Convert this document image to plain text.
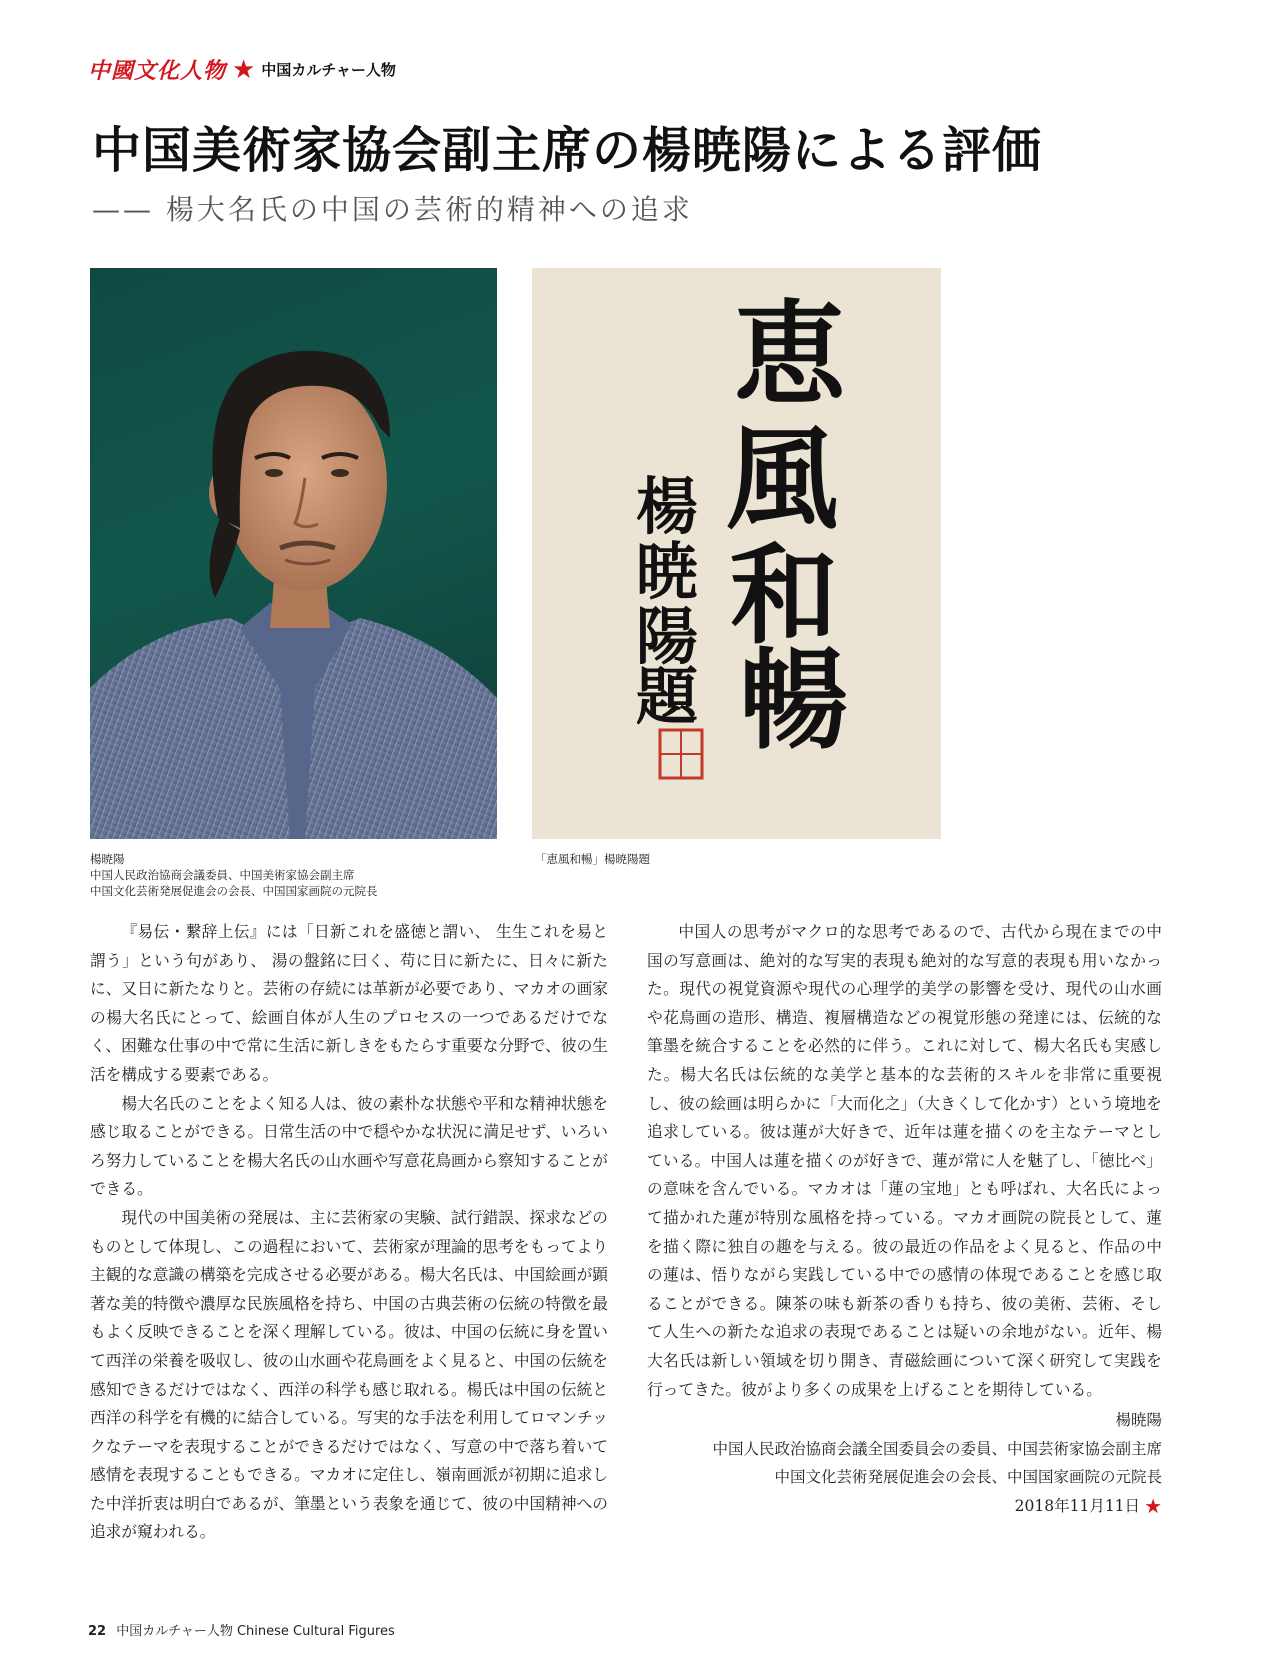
中國文化人物 ★ 中国カルチャー人物
中国美術家協会副主席の楊暁陽による評価
—— 楊大名氏の中国の芸術的精神への追求
恵
風
和
暢
楊
暁
陽
題
楊暁陽
中国人民政治協商会議委員、中国美術家協会副主席
中国文化芸術発展促進会の会長、中国国家画院の元院長
「恵風和暢」楊暁陽題

『易伝・繋辞上伝』には「日新これを盛徳と謂い、 生生これを易と謂う」という句があり、 湯の盤銘に曰く、苟に日に新たに、日々に新たに、又日に新たなりと。芸術の存続には革新が必要であり、マカオの画家の楊大名氏にとって、絵画自体が人生のプロセスの一つであるだけでなく、困難な仕事の中で常に生活に新しきをもたらす重要な分野で、彼の生活を構成する要素である。

楊大名氏のことをよく知る人は、彼の素朴な状態や平和な精神状態を感じ取ることができる。日常生活の中で穏やかな状況に満足せず、いろいろ努力していることを楊大名氏の山水画や写意花鳥画から察知することができる。

現代の中国美術の発展は、主に芸術家の実験、試行錯誤、探求などのものとして体現し、この過程において、芸術家が理論的思考をもってより主観的な意識の構築を完成させる必要がある。楊大名氏は、中国絵画が顕著な美的特徴や濃厚な民族風格を持ち、中国の古典芸術の伝統の特徴を最もよく反映できることを深く理解している。彼は、中国の伝統に身を置いて西洋の栄養を吸収し、彼の山水画や花鳥画をよく見ると、中国の伝統を感知できるだけではなく、西洋の科学も感じ取れる。楊氏は中国の伝統と西洋の科学を有機的に結合している。写実的な手法を利用してロマンチックなテーマを表現することができるだけではなく、写意の中で落ち着いて感情を表現することもできる。マカオに定住し、嶺南画派が初期に追求した中洋折衷は明白であるが、筆墨という表象を通じて、彼の中国精神への追求が窺われる。

中国人の思考がマクロ的な思考であるので、古代から現在までの中国の写意画は、絶対的な写実的表現も絶対的な写意的表現も用いなかった。現代の視覚資源や現代の心理学的美学の影響を受け、現代の山水画や花鳥画の造形、構造、複層構造などの視覚形態の発達には、伝統的な筆墨を統合することを必然的に伴う。これに対して、楊大名氏も実感した。楊大名氏は伝統的な美学と基本的な芸術的スキルを非常に重要視し、彼の絵画は明らかに「大而化之」（大きくして化かす）という境地を追求している。彼は蓮が大好きで、近年は蓮を描くのを主なテーマとしている。中国人は蓮を描くのが好きで、蓮が常に人を魅了し、「徳比べ」の意味を含んでいる。マカオは「蓮の宝地」とも呼ばれ、大名氏によって描かれた蓮が特別な風格を持っている。マカオ画院の院長として、蓮を描く際に独自の趣を与える。彼の最近の作品をよく見ると、作品の中の蓮は、悟りながら実践している中での感情の体現であることを感じ取ることができる。陳茶の味も新茶の香りも持ち、彼の美術、芸術、そして人生への新たな追求の表現であることは疑いの余地がない。近年、楊大名氏は新しい領域を切り開き、青磁絵画について深く研究して実践を行ってきた。彼がより多くの成果を上げることを期待している。

楊暁陽
中国人民政治協商会議全国委員会の委員、中国芸術家協会副主席
中国文化芸術発展促進会の会長、中国国家画院の元院長
2018年11月11日 ★
22 中国カルチャー人物 Chinese Cultural Figures
